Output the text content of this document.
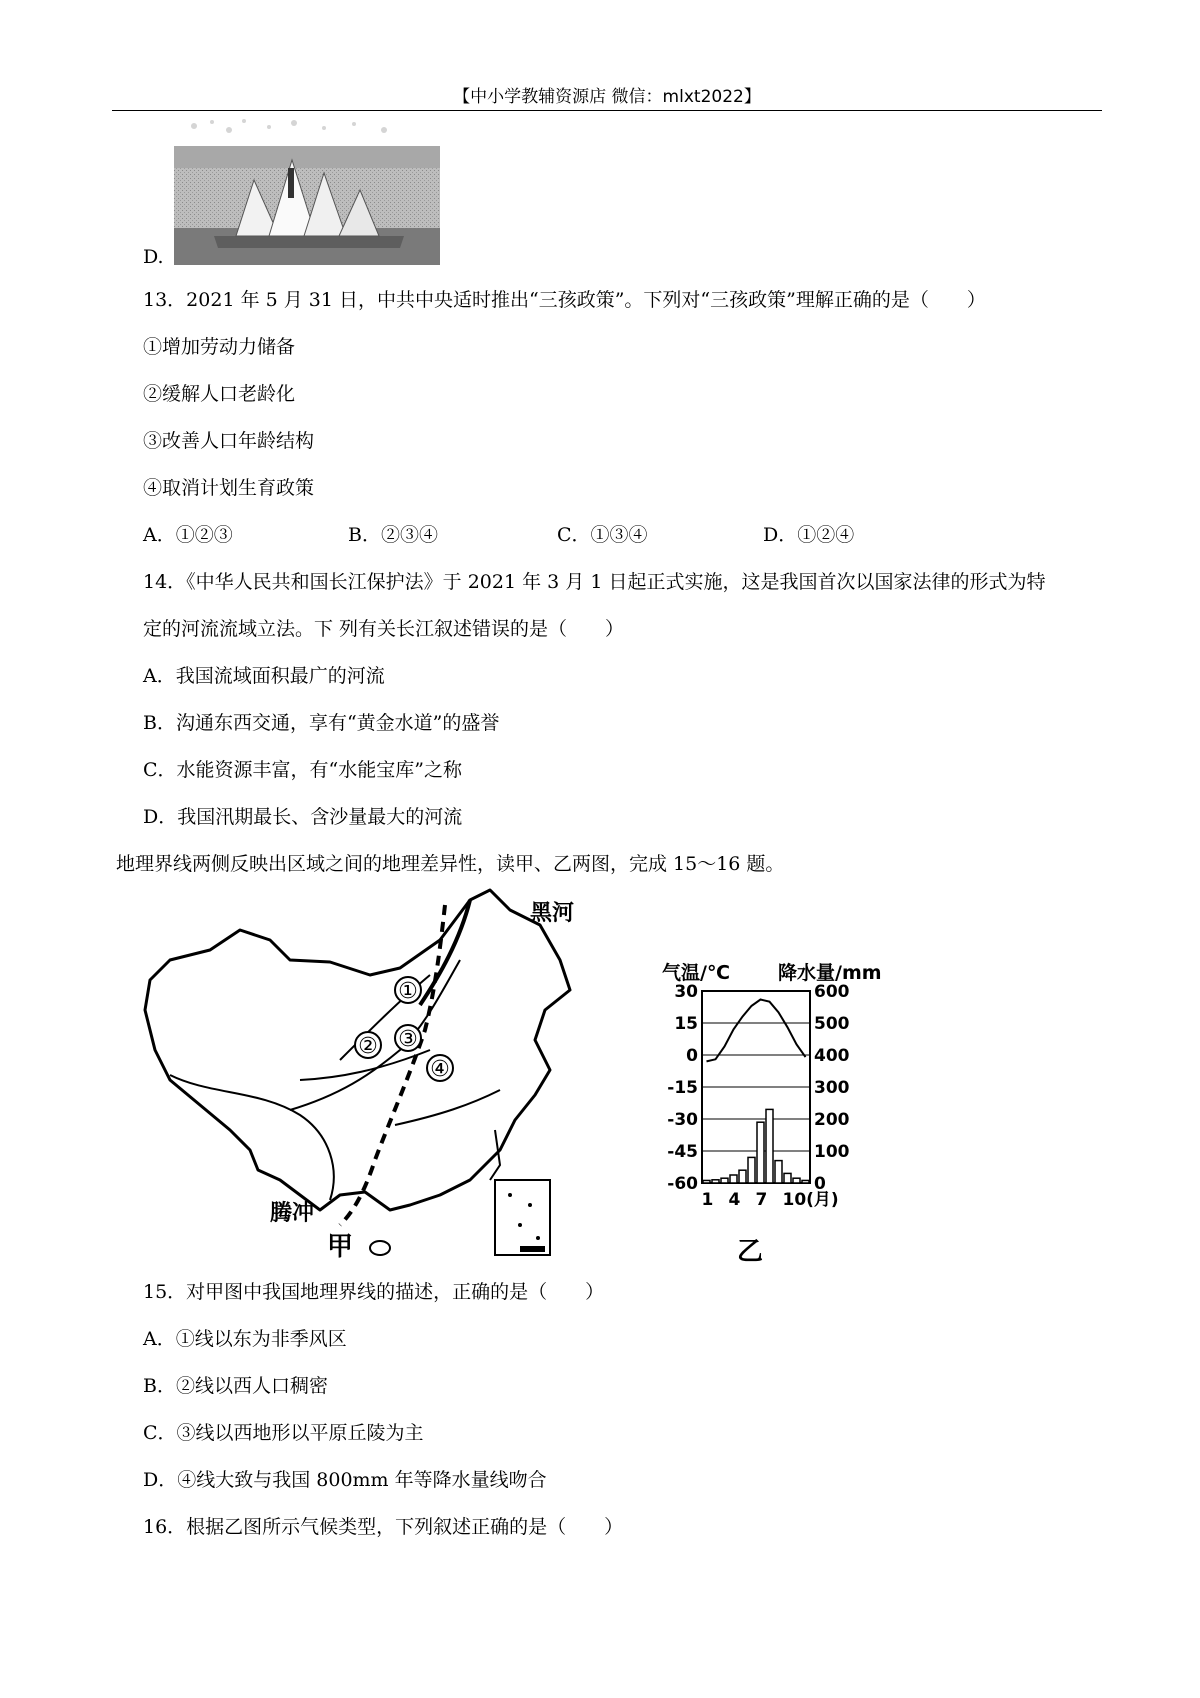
【中小学教辅资源店 微信：mlxt2022】
D.
13．2021 年 5 月 31 日，中共中央适时推出“三孩政策”。下列对“三孩政策”理解正确的是（　　）
①增加劳动力储备
②缓解人口老龄化
③改善人口年龄结构
④取消计划生育政策
A．①②③	B．②③④	C．①③④	D．①②④
14．《中华人民共和国长江保护法》于 2021 年 3 月 1 日起正式实施，这是我国首次以国家法律的形式为特
定的河流流域立法。下 列有关长江叙述错误的是（　　）
A．我国流域面积最广的河流
B．沟通东西交通，享有“黄金水道”的盛誉
C．水能资源丰富，有“水能宝库”之称
D．我国汛期最长、含沙量最大的河流
地理界线两侧反映出区域之间的地理差异性，读甲、乙两图，完成 15～16 题。
①
② ③
④
黑河
腾冲
甲
气温/℃	降水量/mm
30
15
0
-15
-30
-45
-60
600
500
400
300
200
100
0
1 4 7 10(月)
乙
15．对甲图中我国地理界线的描述，正确的是（　　）
A．①线以东为非季风区
B．②线以西人口稠密
C．③线以西地形以平原丘陵为主
D．④线大致与我国 800mm 年等降水量线吻合
16．根据乙图所示气候类型，下列叙述正确的是（　　）
